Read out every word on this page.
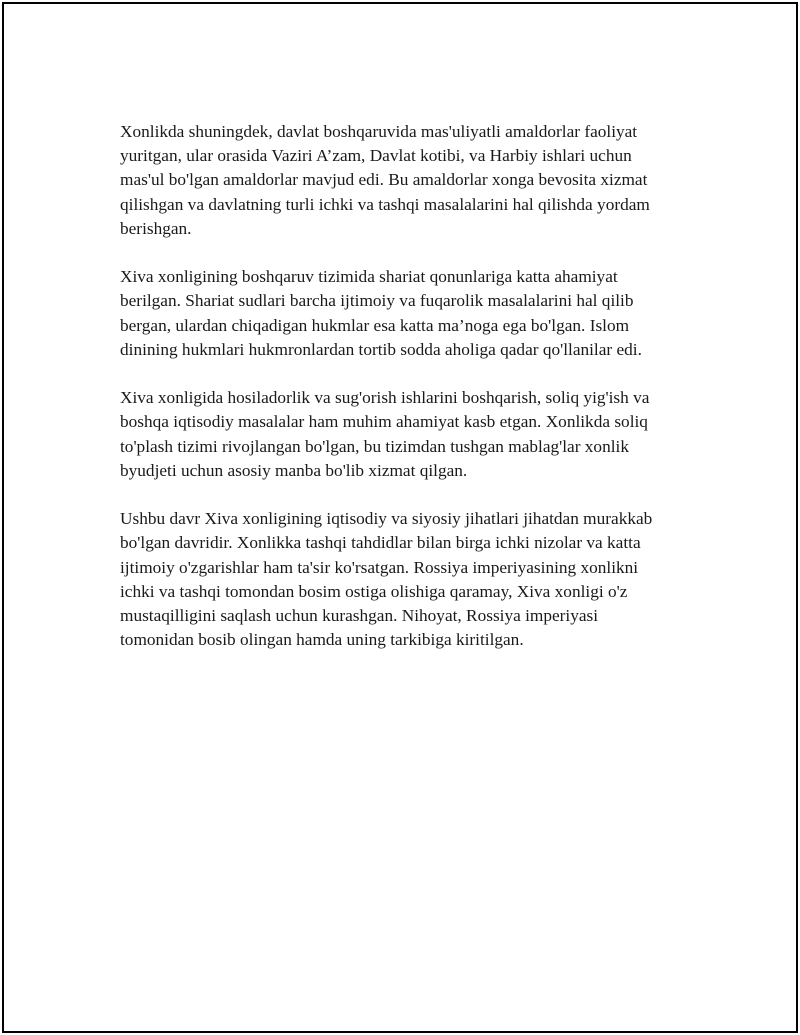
Xonlikda shuningdek, davlat boshqaruvida mas'uliyatli amaldorlar faoliyat
yuritgan, ular orasida Vaziri A’zam, Davlat kotibi, va Harbiy ishlari uchun
mas'ul bo'lgan amaldorlar mavjud edi. Bu amaldorlar xonga bevosita xizmat
qilishgan va davlatning turli ichki va tashqi masalalarini hal qilishda yordam
berishgan.

Xiva xonligining boshqaruv tizimida shariat qonunlariga katta ahamiyat
berilgan. Shariat sudlari barcha ijtimoiy va fuqarolik masalalarini hal qilib
bergan, ulardan chiqadigan hukmlar esa katta ma’noga ega bo'lgan. Islom
dinining hukmlari hukmronlardan tortib sodda aholiga qadar qo'llanilar edi.

Xiva xonligida hosiladorlik va sug'orish ishlarini boshqarish, soliq yig'ish va
boshqa iqtisodiy masalalar ham muhim ahamiyat kasb etgan. Xonlikda soliq
to'plash tizimi rivojlangan bo'lgan, bu tizimdan tushgan mablag'lar xonlik
byudjeti uchun asosiy manba bo'lib xizmat qilgan.

Ushbu davr Xiva xonligining iqtisodiy va siyosiy jihatlari jihatdan murakkab
bo'lgan davridir. Xonlikka tashqi tahdidlar bilan birga ichki nizolar va katta
ijtimoiy o'zgarishlar ham ta'sir ko'rsatgan. Rossiya imperiyasining xonlikni
ichki va tashqi tomondan bosim ostiga olishiga qaramay, Xiva xonligi o'z
mustaqilligini saqlash uchun kurashgan. Nihoyat, Rossiya imperiyasi
tomonidan bosib olingan hamda uning tarkibiga kiritilgan.
